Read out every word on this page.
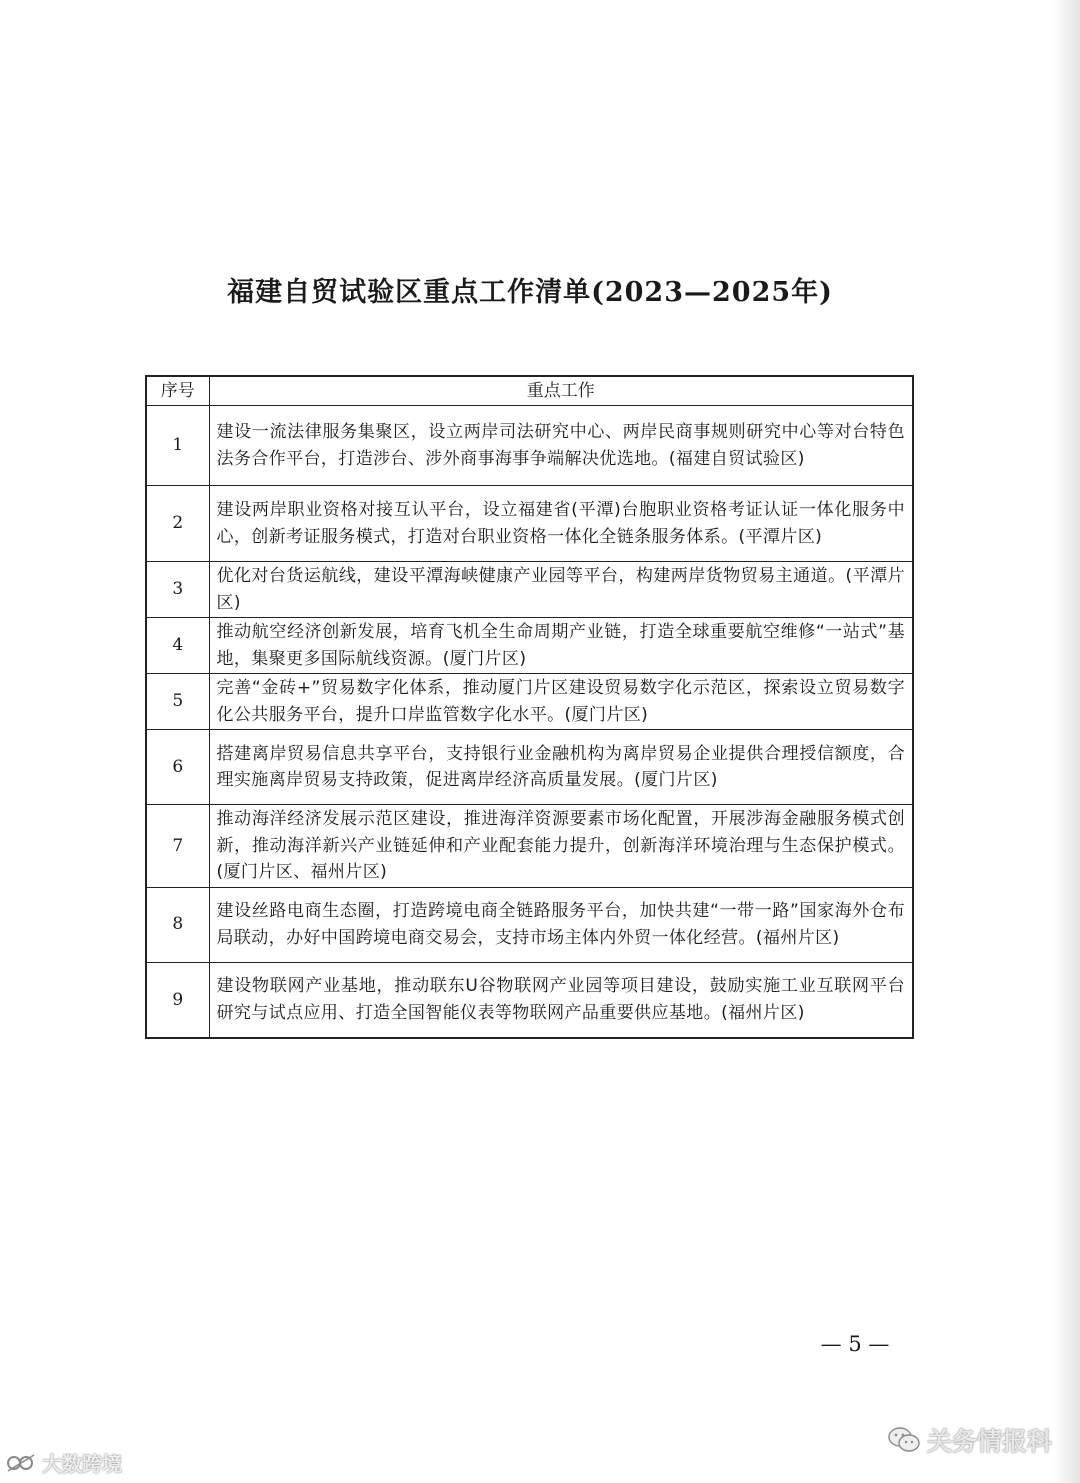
福建自贸试验区重点工作清单(2023—2025年)
序号	重点工作
1	建设一流法律服务集聚区，设立两岸司法研究中心、两岸民商事规则研究中心等对台特色法务合作平台，打造涉台、涉外商事海事争端解决优选地。(福建自贸试验区)
2	建设两岸职业资格对接互认平台，设立福建省(平潭)台胞职业资格考证认证一体化服务中心，创新考证服务模式，打造对台职业资格一体化全链条服务体系。(平潭片区)
3	优化对台货运航线，建设平潭海峡健康产业园等平台，构建两岸货物贸易主通道。(平潭片区)
4	推动航空经济创新发展，培育飞机全生命周期产业链，打造全球重要航空维修“一站式”基地，集聚更多国际航线资源。(厦门片区)
5	完善“金砖+”贸易数字化体系，推动厦门片区建设贸易数字化示范区，探索设立贸易数字化公共服务平台，提升口岸监管数字化水平。(厦门片区)
6	搭建离岸贸易信息共享平台，支持银行业金融机构为离岸贸易企业提供合理授信额度，合理实施离岸贸易支持政策，促进离岸经济高质量发展。(厦门片区)
7	推动海洋经济发展示范区建设，推进海洋资源要素市场化配置，开展涉海金融服务模式创新，推动海洋新兴产业链延伸和产业配套能力提升，创新海洋环境治理与生态保护模式。(厦门片区、福州片区)
8	建设丝路电商生态圈，打造跨境电商全链路服务平台，加快共建“一带一路”国家海外仓布局联动，办好中国跨境电商交易会，支持市场主体内外贸一体化经营。(福州片区)
9	建设物联网产业基地，推动联东U谷物联网产业园等项目建设，鼓励实施工业互联网平台研究与试点应用、打造全国智能仪表等物联网产品重要供应基地。(福州片区)
— 5 —
关务情报科
大数跨境
